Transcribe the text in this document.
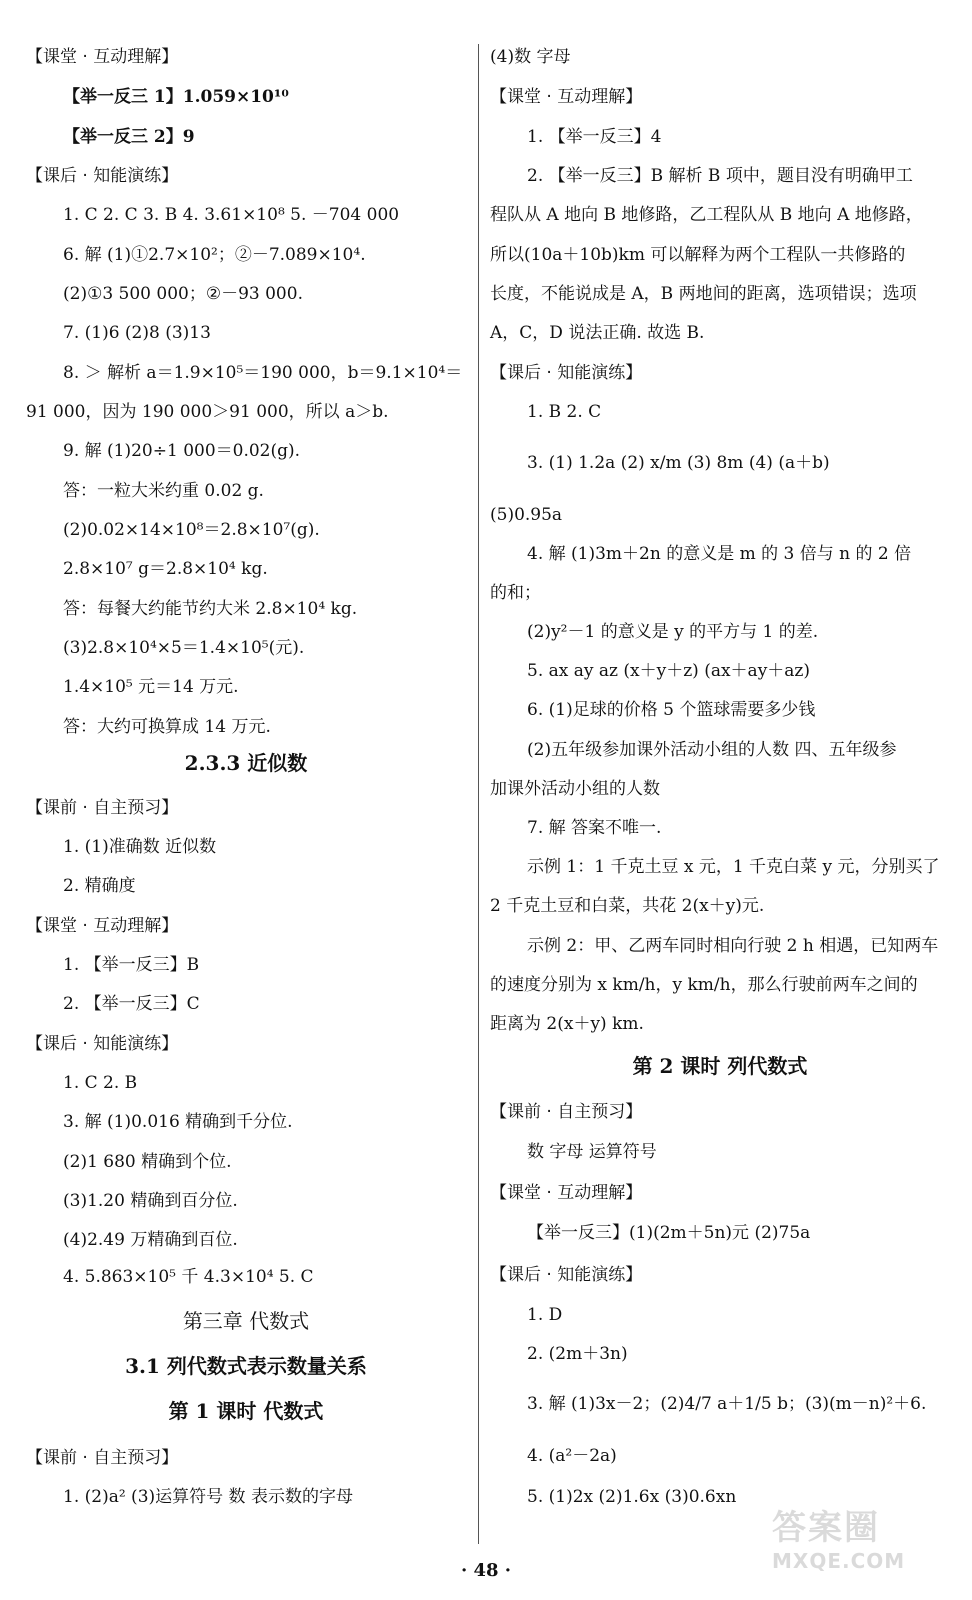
【课堂 · 互动理解】
【举一反三 1】1.059×10¹⁰
【举一反三 2】9
【课后 · 知能演练】
1. C 2. C 3. B 4. 3.61×10⁸ 5. －704 000
6. 解 (1)①2.7×10²；②－7.089×10⁴.
(2)①3 500 000；②－93 000.
7. (1)6 (2)8 (3)13
8. ＞ 解析 a＝1.9×10⁵＝190 000，b＝9.1×10⁴＝
91 000，因为 190 000＞91 000，所以 a＞b.
9. 解 (1)20÷1 000＝0.02(g).
答：一粒大米约重 0.02 g.
(2)0.02×14×10⁸＝2.8×10⁷(g).
2.8×10⁷ g＝2.8×10⁴ kg.
答：每餐大约能节约大米 2.8×10⁴ kg.
(3)2.8×10⁴×5＝1.4×10⁵(元).
1.4×10⁵ 元＝14 万元.
答：大约可换算成 14 万元.
2.3.3 近似数
【课前 · 自主预习】
1. (1)准确数 近似数
2. 精确度
【课堂 · 互动理解】
1. 【举一反三】B
2. 【举一反三】C
【课后 · 知能演练】
1. C 2. B
3. 解 (1)0.016 精确到千分位.
(2)1 680 精确到个位.
(3)1.20 精确到百分位.
(4)2.49 万精确到百位.
4. 5.863×10⁵ 千 4.3×10⁴ 5. C
第三章 代数式
3.1 列代数式表示数量关系
第 1 课时 代数式
【课前 · 自主预习】
1. (2)a² (3)运算符号 数 表示数的字母
(4)数 字母
【课堂 · 互动理解】
1. 【举一反三】4
2. 【举一反三】B 解析 B 项中，题目没有明确甲工
程队从 A 地向 B 地修路，乙工程队从 B 地向 A 地修路，
所以(10a＋10b)km 可以解释为两个工程队一共修路的
长度，不能说成是 A，B 两地间的距离，选项错误；选项
A，C，D 说法正确. 故选 B.
【课后 · 知能演练】
1. B 2. C
3. (1) 1.2a (2) x/m (3) 8m (4) (a＋b)
(5)0.95a
4. 解 (1)3m＋2n 的意义是 m 的 3 倍与 n 的 2 倍
的和；
(2)y²－1 的意义是 y 的平方与 1 的差.
5. ax ay az (x＋y＋z) (ax＋ay＋az)
6. (1)足球的价格 5 个篮球需要多少钱
(2)五年级参加课外活动小组的人数 四、五年级参
加课外活动小组的人数
7. 解 答案不唯一.
示例 1：1 千克土豆 x 元，1 千克白菜 y 元，分别买了
2 千克土豆和白菜，共花 2(x＋y)元.
示例 2：甲、乙两车同时相向行驶 2 h 相遇，已知两车
的速度分别为 x km/h，y km/h，那么行驶前两车之间的
距离为 2(x＋y) km.
第 2 课时 列代数式
【课前 · 自主预习】
数 字母 运算符号
【课堂 · 互动理解】
【举一反三】(1)(2m＋5n)元 (2)75a
【课后 · 知能演练】
1. D
2. (2m＋3n)
3. 解 (1)3x－2；(2)4/7 a＋1/5 b；(3)(m－n)²＋6.
4. (a²－2a)
5. (1)2x (2)1.6x (3)0.6xn
· 48 ·
答案圈
MXQE.COM
